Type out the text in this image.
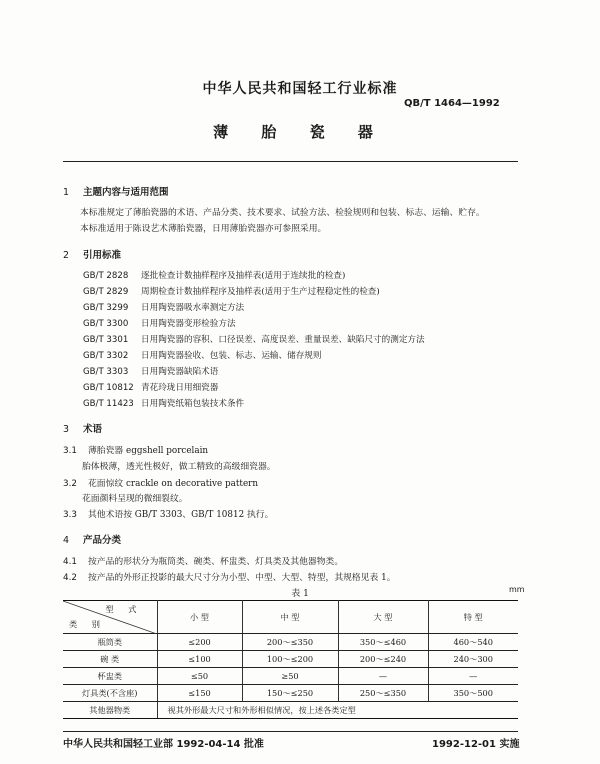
中华人民共和国轻工行业标准
QB/T 1464—1992
薄 胎 瓷 器
1 主题内容与适用范围
本标准规定了薄胎瓷器的术语、产品分类、技术要求、试验方法、检验规则和包装、标志、运输、贮存。
本标准适用于陈设艺术薄胎瓷器，日用薄胎瓷器亦可参照采用。
2 引用标准
GB/T 2828 逐批检查计数抽样程序及抽样表(适用于连续批的检查)
GB/T 2829 周期检查计数抽样程序及抽样表(适用于生产过程稳定性的检查)
GB/T 3299 日用陶瓷器吸水率测定方法
GB/T 3300 日用陶瓷器变形检验方法
GB/T 3301 日用陶瓷器的容积、口径误差、高度误差、重量误差、缺陷尺寸的测定方法
GB/T 3302 日用陶瓷器验收、包装、标志、运输、储存规则
GB/T 3303 日用陶瓷器缺陷术语
GB/T 10812 青花玲珑日用细瓷器
GB/T 11423 日用陶瓷纸箱包装技术条件
3 术语
3.1 薄胎瓷器 eggshell porcelain
胎体极薄，透光性极好，做工精致的高级细瓷器。
3.2 花面惊纹 crackle on decorative pattern
花面颜料呈现的微细裂纹。
3.3 其他术语按 GB/T 3303、GB/T 10812 执行。
4 产品分类
4.1 按产品的形状分为瓶筒类、碗类、杯盅类、灯具类及其他器物类。
4.2 按产品的外形正投影的最大尺寸分为小型、中型、大型、特型，其规格见表 1。
表 1	mm
型 式
类 别	小 型	中 型	大 型	特 型
瓶筒类	≤200	200～≤350	350～≤460	460～540
碗 类	≤100	100～≤200	200～≤240	240～300
杯盅类	≤50	≥50	—	—
灯具类(不含座)	≤150	150～≤250	250～≤350	350～500
其他器物类	视其外形最大尺寸和外形相似情况，按上述各类定型			
中华人民共和国轻工业部 1992-04-14 批准	1992-12-01 实施
